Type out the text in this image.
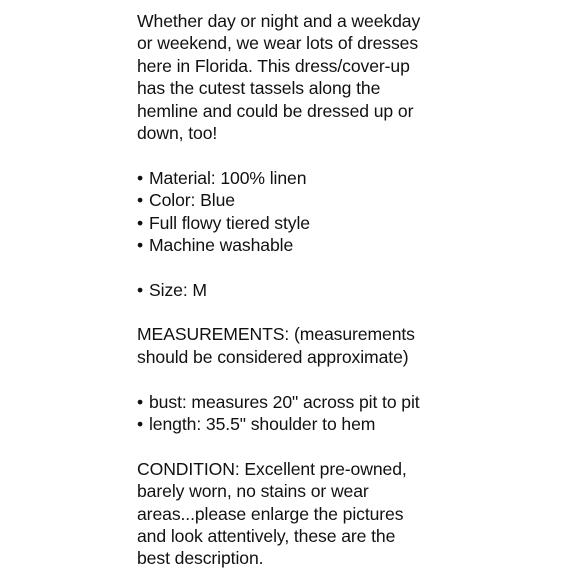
Whether day or night and a weekday
or weekend, we wear lots of dresses
here in Florida. This dress/cover-up
has the cutest tassels along the
hemline and could be dressed up or
down, too!
• Material: 100% linen
• Color: Blue
• Full flowy tiered style
• Machine washable
• Size: M
MEASUREMENTS: (measurements
should be considered approximate)
• bust: measures 20" across pit to pit
• length: 35.5" shoulder to hem
CONDITION: Excellent pre-owned,
barely worn, no stains or wear
areas...please enlarge the pictures
and look attentively, these are the
best description.
